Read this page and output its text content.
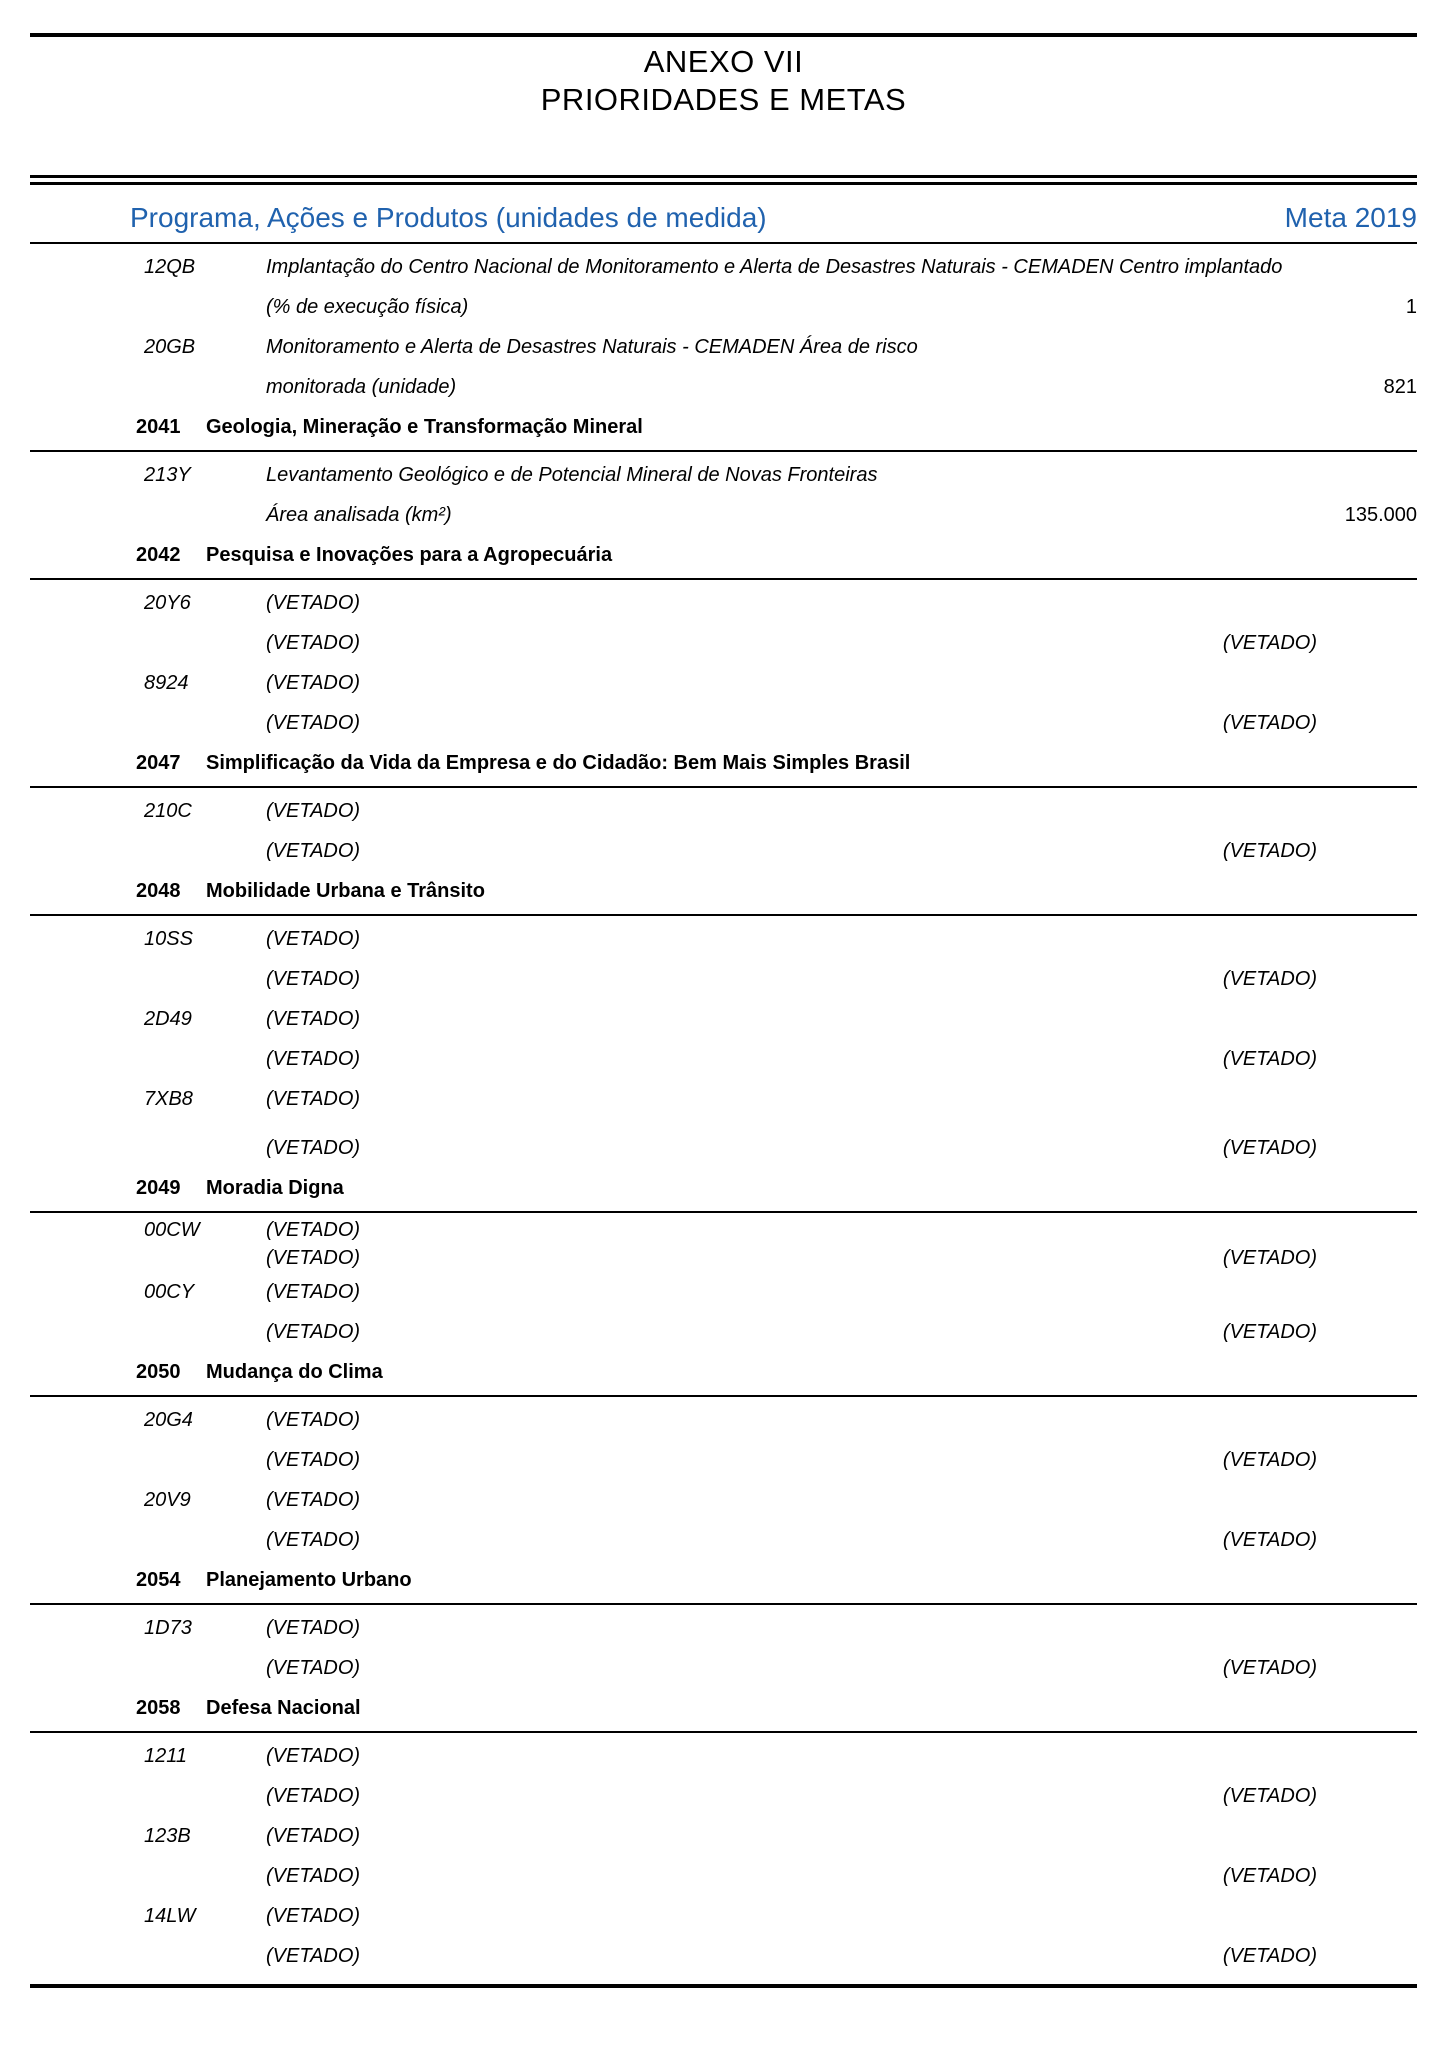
ANEXO VII
PRIORIDADES E METAS
Programa, Ações e Produtos (unidades de medida)	Meta 2019
12QB	Implantação do Centro Nacional de Monitoramento e Alerta de Desastres Naturais - CEMADEN Centro implantado
(% de execução física)	1
20GB	Monitoramento e Alerta de Desastres Naturais - CEMADEN Área de risco
monitorada (unidade)	821
2041	Geologia, Mineração e Transformação Mineral
213Y	Levantamento Geológico e de Potencial Mineral de Novas Fronteiras
Área analisada (km²)	135.000
2042	Pesquisa e Inovações para a Agropecuária
20Y6	(VETADO)
(VETADO)	(VETADO)
8924	(VETADO)
(VETADO)	(VETADO)
2047	Simplificação da Vida da Empresa e do Cidadão: Bem Mais Simples Brasil
210C	(VETADO)
(VETADO)	(VETADO)
2048	Mobilidade Urbana e Trânsito
10SS	(VETADO)
(VETADO)	(VETADO)
2D49	(VETADO)
(VETADO)	(VETADO)
7XB8	(VETADO)
(VETADO)	(VETADO)
2049	Moradia Digna
00CW	(VETADO)
(VETADO)	(VETADO)
00CY	(VETADO)
(VETADO)	(VETADO)
2050	Mudança do Clima
20G4	(VETADO)
(VETADO)	(VETADO)
20V9	(VETADO)
(VETADO)	(VETADO)
2054	Planejamento Urbano
1D73	(VETADO)
(VETADO)	(VETADO)
2058	Defesa Nacional
1211	(VETADO)
(VETADO)	(VETADO)
123B	(VETADO)
(VETADO)	(VETADO)
14LW	(VETADO)
(VETADO)	(VETADO)
